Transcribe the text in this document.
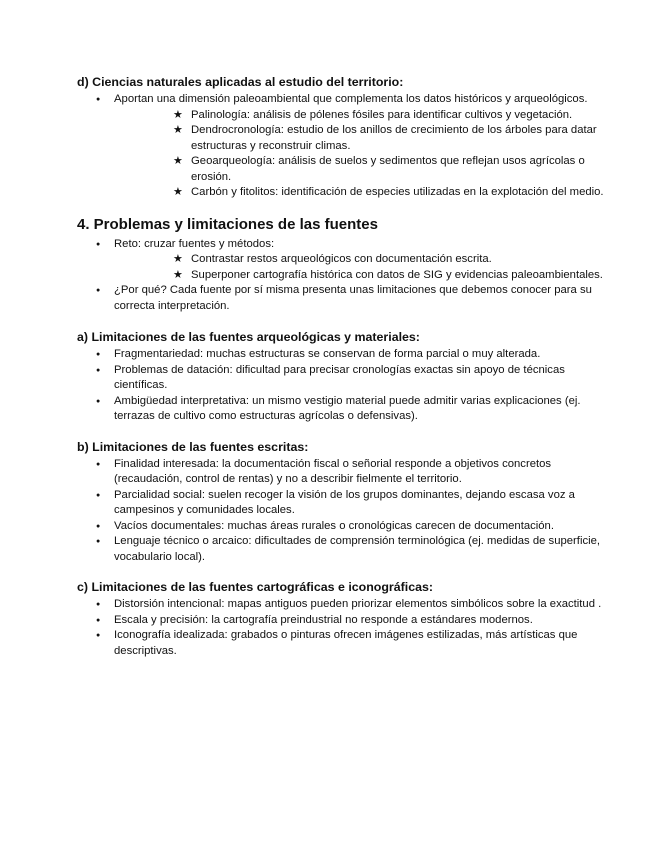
d) Ciencias naturales aplicadas al estudio del territorio:
● Aportan una dimensión paleoambiental que complementa los datos históricos y arqueológicos.
★ Palinología: análisis de pólenes fósiles para identificar cultivos y vegetación.
★ Dendrocronología: estudio de los anillos de crecimiento de los árboles para datar estructuras y reconstruir climas.
★ Geoarqueología: análisis de suelos y sedimentos que reflejan usos agrícolas o erosión.
★ Carbón y fitolitos: identificación de especies utilizadas en la explotación del medio.
4. Problemas y limitaciones de las fuentes
● Reto: cruzar fuentes y métodos:
★ Contrastar restos arqueológicos con documentación escrita.
★ Superponer cartografía histórica con datos de SIG y evidencias paleoambientales.
● ¿Por qué? Cada fuente por sí misma presenta unas limitaciones que debemos conocer para su correcta interpretación.
a) Limitaciones de las fuentes arqueológicas y materiales:
● Fragmentariedad: muchas estructuras se conservan de forma parcial o muy alterada.
● Problemas de datación: dificultad para precisar cronologías exactas sin apoyo de técnicas científicas.
● Ambigüedad interpretativa: un mismo vestigio material puede admitir varias explicaciones (ej. terrazas de cultivo como estructuras agrícolas o defensivas).
b) Limitaciones de las fuentes escritas:
● Finalidad interesada: la documentación fiscal o señorial responde a objetivos concretos (recaudación, control de rentas) y no a describir fielmente el territorio.
● Parcialidad social: suelen recoger la visión de los grupos dominantes, dejando escasa voz a campesinos y comunidades locales.
● Vacíos documentales: muchas áreas rurales o cronológicas carecen de documentación.
● Lenguaje técnico o arcaico: dificultades de comprensión terminológica (ej. medidas de superficie, vocabulario local).
c) Limitaciones de las fuentes cartográficas e iconográficas:
● Distorsión intencional: mapas antiguos pueden priorizar elementos simbólicos sobre la exactitud .
● Escala y precisión: la cartografía preindustrial no responde a estándares modernos.
● Iconografía idealizada: grabados o pinturas ofrecen imágenes estilizadas, más artísticas que descriptivas.
